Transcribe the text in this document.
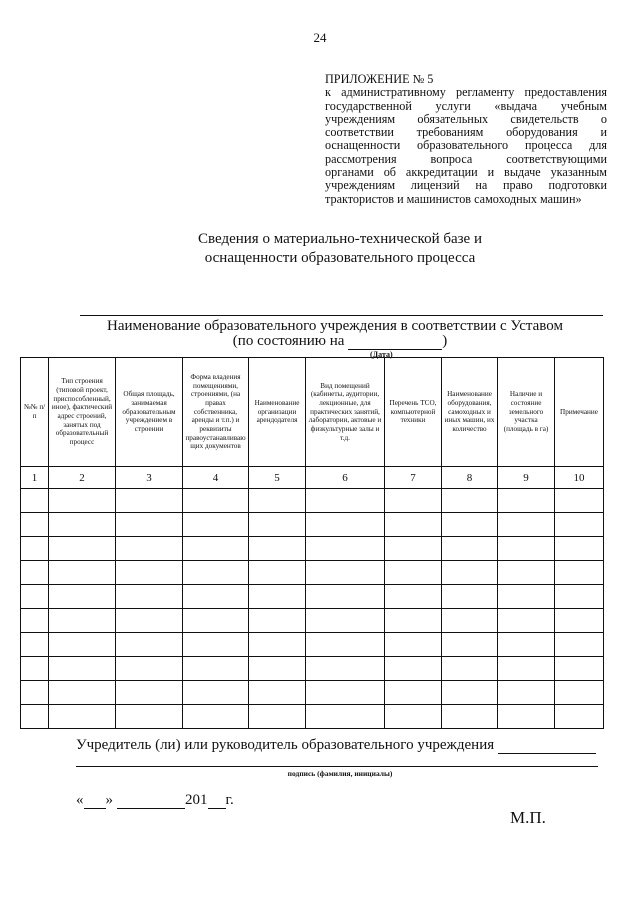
24
ПРИЛОЖЕНИЕ № 5
к административному регламенту предоставления
государственной услуги «выдача учебным
учреждениям обязательных свидетельств о
соответствии требованиям оборудования и
оснащенности образовательного процесса для
рассмотрения вопроса соответствующими
органами об аккредитации и выдаче указанным
учреждениям лицензий на право подготовки
трактористов и машинистов самоходных машин»
Сведения о материально-технической базе и
оснащенности образовательного процесса
Наименование образовательного учреждения в соответствии с Уставом
(по состоянию на	)
(Дата)
№№ п/п	Тип строения (типовой проект, приспособленный, иное), фактический адрес строений, занятых под образовательный процесс	Общая площадь, занимаемая образовательным учреждением в строении	Форма владения помещениями, строениями, (на правах собственника, аренды и т.п.) и реквизиты правоустанавливающих документов	Наименование организации арендодателя	Вид помещений (кабинеты, аудитории, лекционные, для практических занятий, лаборатории, актовые и физкультурные залы и т.д.	Перечень ТСО, компьютерной техники	Наименование оборудования, самоходных и иных машин, их количество	Наличие и состояние земельного участка (площадь в га)	Примечание
1	2	3	4	5	6	7	8	9	10

Учредитель (ли) или руководитель образовательного учреждения
подпись (фамилия, инициалы)
« »	201 г.
М.П.
